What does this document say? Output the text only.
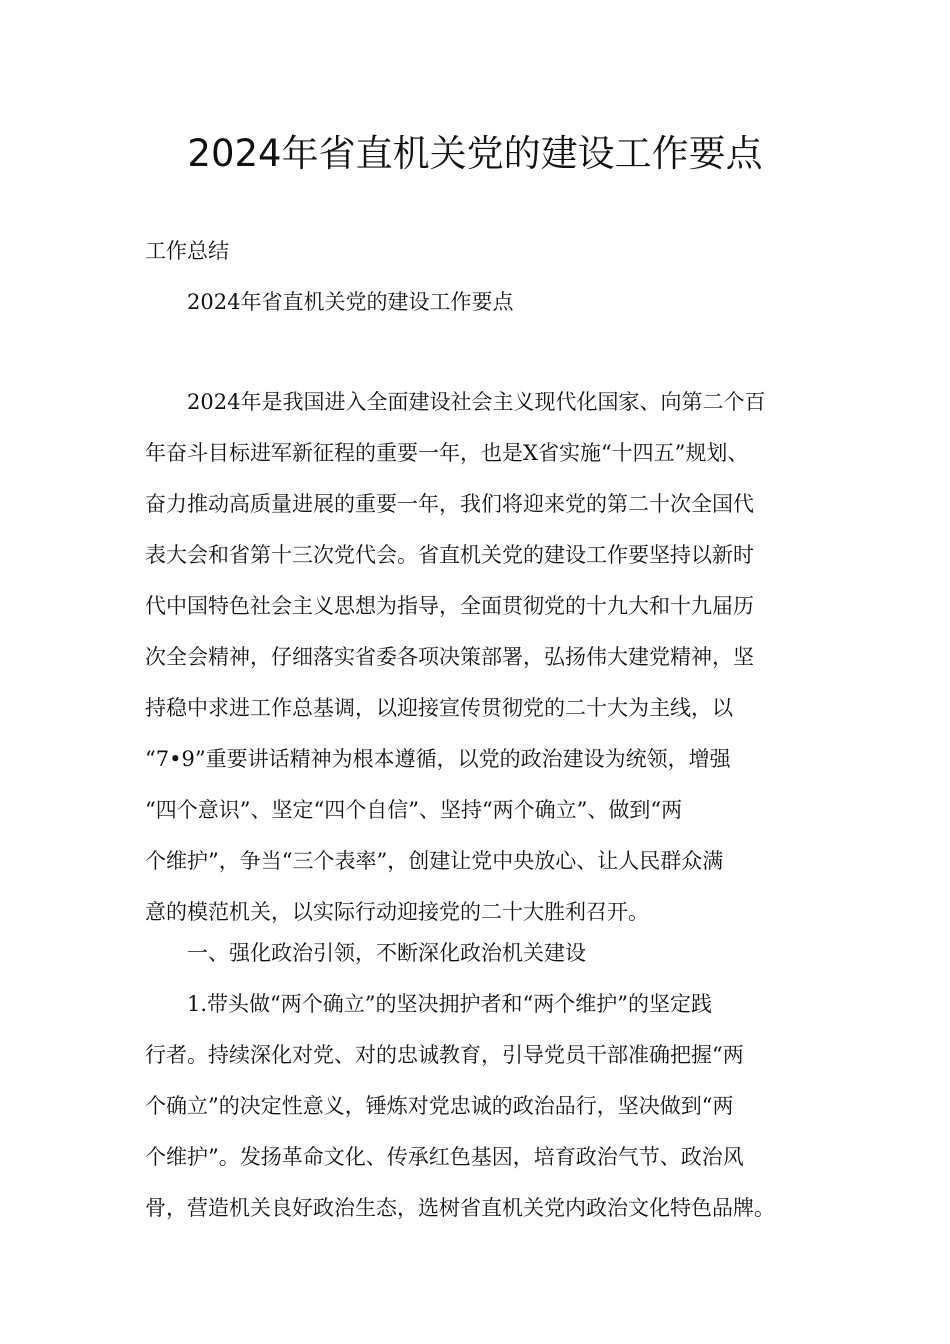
2024年省直机关党的建设工作要点

工作总结

2024年省直机关党的建设工作要点

2024年是我国进入全面建设社会主义现代化国家、向第二个百
年奋斗目标进军新征程的重要一年，也是X省实施“十四五”规划、
奋力推动高质量进展的重要一年，我们将迎来党的第二十次全国代
表大会和省第十三次党代会。省直机关党的建设工作要坚持以新时
代中国特色社会主义思想为指导，全面贯彻党的十九大和十九届历
次全会精神，仔细落实省委各项决策部署，弘扬伟大建党精神，坚
持稳中求进工作总基调，以迎接宣传贯彻党的二十大为主线，以
“7•9”重要讲话精神为根本遵循，以党的政治建设为统领，增强
“四个意识”、坚定“四个自信”、坚持“两个确立”、做到“两
个维护”，争当“三个表率”，创建让党中央放心、让人民群众满
意的模范机关，以实际行动迎接党的二十大胜利召开。
一、强化政治引领，不断深化政治机关建设
1.带头做“两个确立”的坚决拥护者和“两个维护”的坚定践
行者。持续深化对党、对的忠诚教育，引导党员干部准确把握“两
个确立”的决定性意义，锤炼对党忠诚的政治品行，坚决做到“两
个维护”。发扬革命文化、传承红色基因，培育政治气节、政治风
骨，营造机关良好政治生态，选树省直机关党内政治文化特色品牌。
